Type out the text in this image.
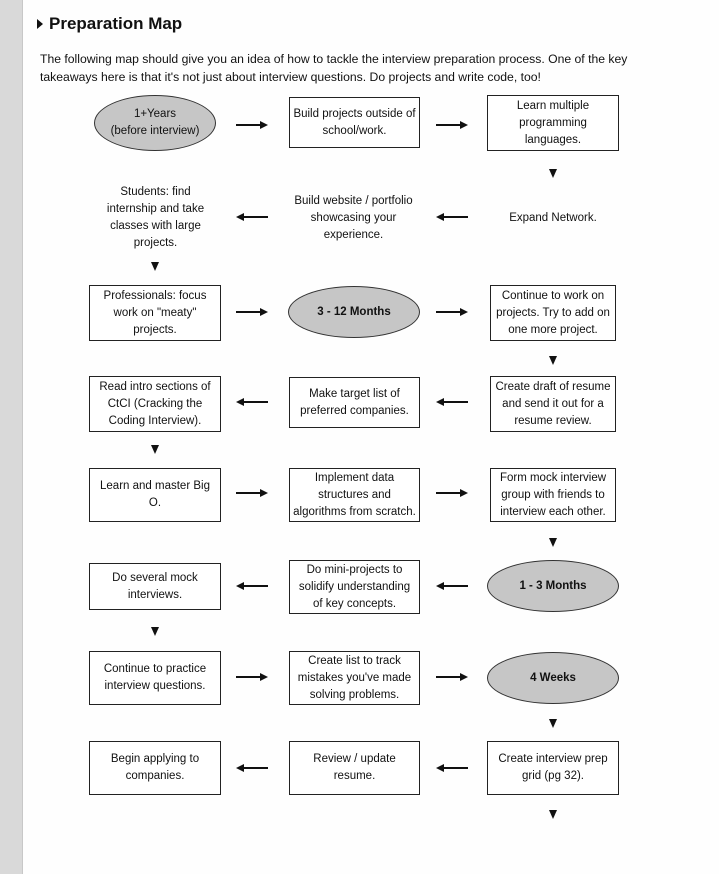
Preparation Map
The following map should give you an idea of how to tackle the interview preparation process. One of the key takeaways here is that it's not just about interview questions. Do projects and write code, too!
1+Years
(before interview)
Build projects outside of school/work.
Learn multiple programming languages.
Students: find internship and take classes with large projects.
Build website / portfolio showcasing your experience.
Expand Network.
Professionals: focus work on "meaty" projects.
3 - 12 Months
Continue to work on projects. Try to add on one more project.
Read intro sections of CtCI (Cracking the Coding Interview).
Make target list of preferred companies.
Create draft of resume and send it out for a resume review.
Learn and master Big O.
Implement data structures and algorithms from scratch.
Form mock interview group with friends to interview each other.
Do several mock interviews.
Do mini-projects to solidify understanding of key concepts.
1 - 3 Months
Continue to practice interview questions.
Create list to track mistakes you've made solving problems.
4 Weeks
Begin applying to companies.
Review / update resume.
Create interview prep grid (pg 32).
